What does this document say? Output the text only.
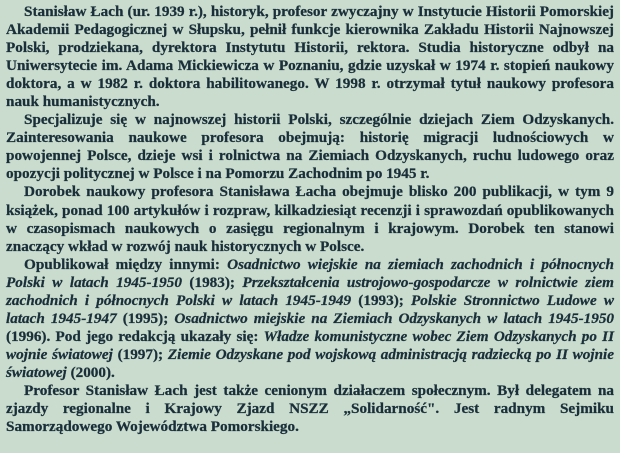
Stanisław Łach (ur. 1939 r.), historyk, profesor zwyczajny w Instytucie Historii Pomorskiej Akademii Pedagogicznej w Słupsku, pełnił funkcje kierownika Zakładu Historii Najnowszej Polski, prodziekana, dyrektora Instytutu Historii, rektora. Studia historyczne odbył na Uniwersytecie im. Adama Mickiewicza w Poznaniu, gdzie uzyskał w 1974 r. stopień naukowy doktora, a w 1982 r. doktora habilitowanego. W 1998 r. otrzymał tytuł naukowy profesora nauk humanistycznych.

Specjalizuje się w najnowszej historii Polski, szczególnie dziejach Ziem Odzyskanych. Zainteresowania naukowe profesora obejmują: historię migracji ludnościowych w powojennej Polsce, dzieje wsi i rolnictwa na Ziemiach Odzyskanych, ruchu ludowego oraz opozycji politycznej w Polsce i na Pomorzu Zachodnim po 1945 r.

Dorobek naukowy profesora Stanisława Łacha obejmuje blisko 200 publikacji, w tym 9 książek, ponad 100 artykułów i rozpraw, kilkadziesiąt recenzji i sprawozdań opublikowanych w czasopismach naukowych o zasięgu regionalnym i krajowym. Dorobek ten stanowi znaczący wkład w rozwój nauk historycznych w Polsce.

Opublikował między innymi: Osadnictwo wiejskie na ziemiach zachodnich i północnych Polski w latach 1945-1950 (1983); Przekształcenia ustrojowo-gospodarcze w rolnictwie ziem zachodnich i północnych Polski w latach 1945-1949 (1993); Polskie Stronnictwo Ludowe w latach 1945-1947 (1995); Osadnictwo miejskie na Ziemiach Odzyskanych w latach 1945-1950 (1996). Pod jego redakcją ukazały się: Władze komunistyczne wobec Ziem Odzyskanych po II wojnie światowej (1997); Ziemie Odzyskane pod wojskową administracją radziecką po II wojnie światowej (2000).

Profesor Stanisław Łach jest także cenionym działaczem społecznym. Był delegatem na zjazdy regionalne i Krajowy Zjazd NSZZ „Solidarność". Jest radnym Sejmiku Samorządowego Województwa Pomorskiego.
